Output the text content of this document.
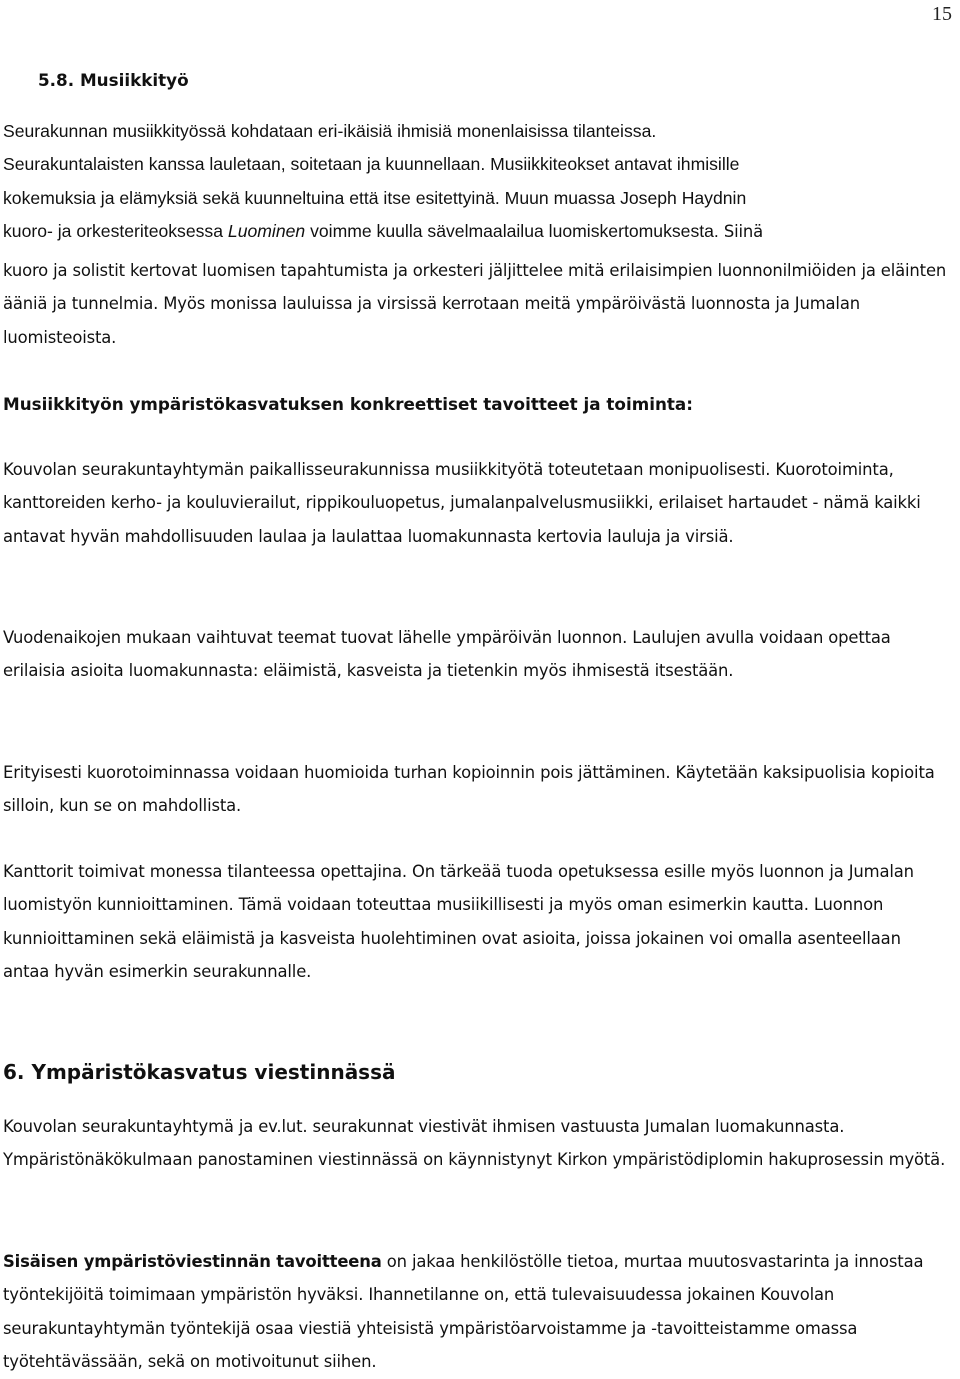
15
5.8. Musiikkityö
Seurakunnan musiikkityössä kohdataan eri-ikäisiä ihmisiä monenlaisissa tilanteissa.
Seurakuntalaisten kanssa lauletaan, soitetaan ja kuunnellaan. Musiikkiteokset antavat ihmisille
kokemuksia ja elämyksiä sekä kuunneltuina että itse esitettyinä. Muun muassa Joseph Haydnin
kuoro- ja orkesteriteoksessa Luominen voimme kuulla sävelmaalailua luomiskertomuksesta. Siinä

kuoro ja solistit kertovat luomisen tapahtumista ja orkesteri jäljittelee mitä erilaisimpien luonnonilmiöiden ja eläinten ääniä ja tunnelmia. Myös monissa lauluissa ja virsissä kerrotaan meitä ympäröivästä luonnosta ja Jumalan luomisteoista.

Musiikkityön ympäristökasvatuksen konkreettiset tavoitteet ja toiminta:

Kouvolan seurakuntayhtymän paikallisseurakunnissa musiikkityötä toteutetaan monipuolisesti. Kuorotoiminta, kanttoreiden kerho- ja kouluvierailut, rippikouluopetus, jumalanpalvelusmusiikki, erilaiset hartaudet - nämä kaikki antavat hyvän mahdollisuuden laulaa ja laulattaa luomakunnasta kertovia lauluja ja virsiä.

Vuodenaikojen mukaan vaihtuvat teemat tuovat lähelle ympäröivän luonnon. Laulujen avulla voidaan opettaa erilaisia asioita luomakunnasta: eläimistä, kasveista ja tietenkin myös ihmisestä itsestään.

Erityisesti kuorotoiminnassa voidaan huomioida turhan kopioinnin pois jättäminen. Käytetään kaksipuolisia kopioita silloin, kun se on mahdollista.

Kanttorit toimivat monessa tilanteessa opettajina. On tärkeää tuoda opetuksessa esille myös luonnon ja Jumalan luomistyön kunnioittaminen. Tämä voidaan toteuttaa musiikillisesti ja myös oman esimerkin kautta. Luonnon kunnioittaminen sekä eläimistä ja kasveista huolehtiminen ovat asioita, joissa jokainen voi omalla asenteellaan antaa hyvän esimerkin seurakunnalle.

6. Ympäristökasvatus viestinnässä

Kouvolan seurakuntayhtymä ja ev.lut. seurakunnat viestivät ihmisen vastuusta Jumalan luomakunnasta. Ympäristönäkökulmaan panostaminen viestinnässä on käynnistynyt Kirkon ympäristödiplomin hakuprosessin myötä.

Sisäisen ympäristöviestinnän tavoitteena on jakaa henkilöstölle tietoa, murtaa muutosvastarinta ja innostaa työntekijöitä toimimaan ympäristön hyväksi. Ihannetilanne on, että tulevaisuudessa jokainen Kouvolan seurakuntayhtymän työntekijä osaa viestiä yhteisistä ympäristöarvoistamme ja -tavoitteistamme omassa työtehtävässään, sekä on motivoitunut siihen.
